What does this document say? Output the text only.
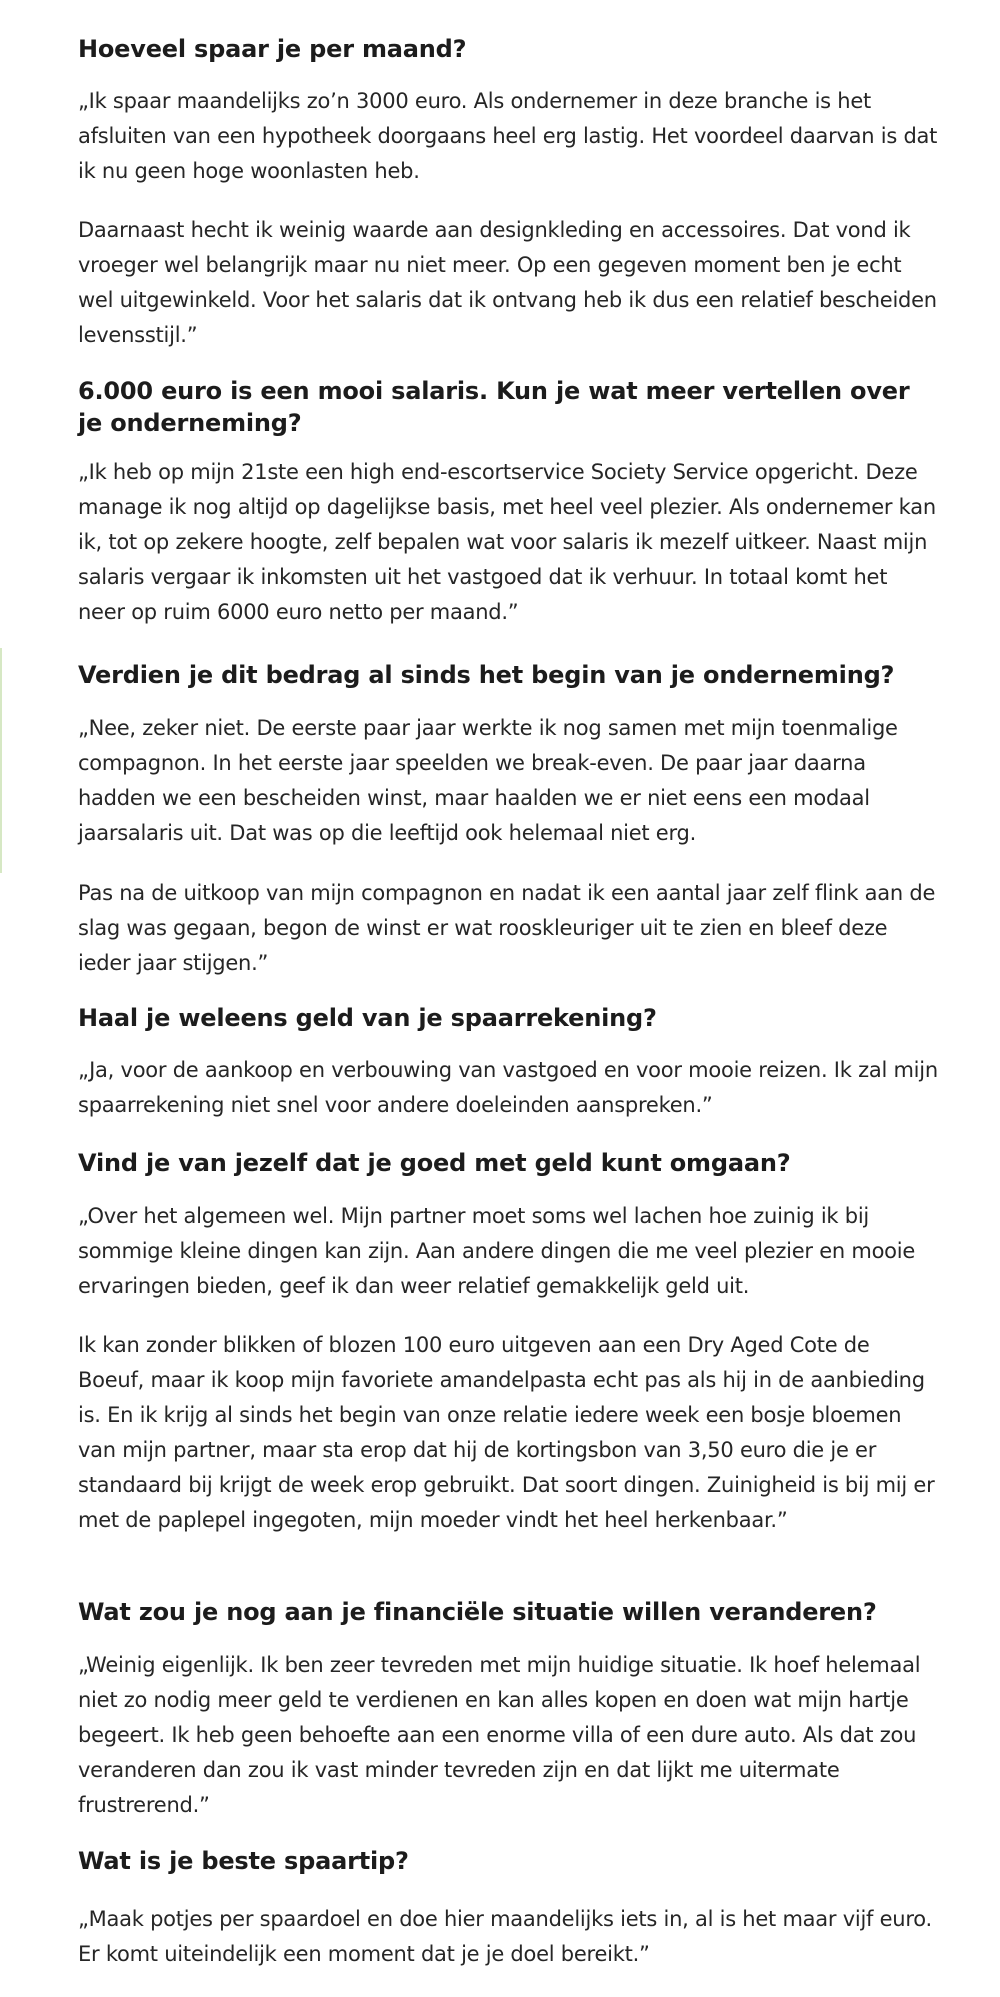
Hoeveel spaar je per maand?

„Ik spaar maandelijks zo’n 3000 euro. Als ondernemer in deze branche is het afsluiten van een hypotheek doorgaans heel erg lastig. Het voordeel daarvan is dat ik nu geen hoge woonlasten heb.

Daarnaast hecht ik weinig waarde aan designkleding en accessoires. Dat vond ik vroeger wel belangrijk maar nu niet meer. Op een gegeven moment ben je echt wel uitgewinkeld. Voor het salaris dat ik ontvang heb ik dus een relatief bescheiden levensstijl.”

6.000 euro is een mooi salaris. Kun je wat meer vertellen over je onderneming?

„Ik heb op mijn 21ste een high end-escortservice Society Service opgericht. Deze manage ik nog altijd op dagelijkse basis, met heel veel plezier. Als ondernemer kan ik, tot op zekere hoogte, zelf bepalen wat voor salaris ik mezelf uitkeer. Naast mijn salaris vergaar ik inkomsten uit het vastgoed dat ik verhuur. In totaal komt het neer op ruim 6000 euro netto per maand.”

Verdien je dit bedrag al sinds het begin van je onderneming?

„Nee, zeker niet. De eerste paar jaar werkte ik nog samen met mijn toenmalige compagnon. In het eerste jaar speelden we break-even. De paar jaar daarna hadden we een bescheiden winst, maar haalden we er niet eens een modaal jaarsalaris uit. Dat was op die leeftijd ook helemaal niet erg.

Pas na de uitkoop van mijn compagnon en nadat ik een aantal jaar zelf flink aan de slag was gegaan, begon de winst er wat rooskleuriger uit te zien en bleef deze ieder jaar stijgen.”

Haal je weleens geld van je spaarrekening?

„Ja, voor de aankoop en verbouwing van vastgoed en voor mooie reizen. Ik zal mijn spaarrekening niet snel voor andere doeleinden aanspreken.”

Vind je van jezelf dat je goed met geld kunt omgaan?

„Over het algemeen wel. Mijn partner moet soms wel lachen hoe zuinig ik bij sommige kleine dingen kan zijn. Aan andere dingen die me veel plezier en mooie ervaringen bieden, geef ik dan weer relatief gemakkelijk geld uit.

Ik kan zonder blikken of blozen 100 euro uitgeven aan een Dry Aged Cote de Boeuf, maar ik koop mijn favoriete amandelpasta echt pas als hij in de aanbieding is. En ik krijg al sinds het begin van onze relatie iedere week een bosje bloemen van mijn partner, maar sta erop dat hij de kortingsbon van 3,50 euro die je er standaard bij krijgt de week erop gebruikt. Dat soort dingen. Zuinigheid is bij mij er met de paplepel ingegoten, mijn moeder vindt het heel herkenbaar.”

Wat zou je nog aan je financiële situatie willen veranderen?

„Weinig eigenlijk. Ik ben zeer tevreden met mijn huidige situatie. Ik hoef helemaal niet zo nodig meer geld te verdienen en kan alles kopen en doen wat mijn hartje begeert. Ik heb geen behoefte aan een enorme villa of een dure auto. Als dat zou veranderen dan zou ik vast minder tevreden zijn en dat lijkt me uitermate frustrerend.”

Wat is je beste spaartip?

„Maak potjes per spaardoel en doe hier maandelijks iets in, al is het maar vijf euro. Er komt uiteindelijk een moment dat je je doel bereikt.”
